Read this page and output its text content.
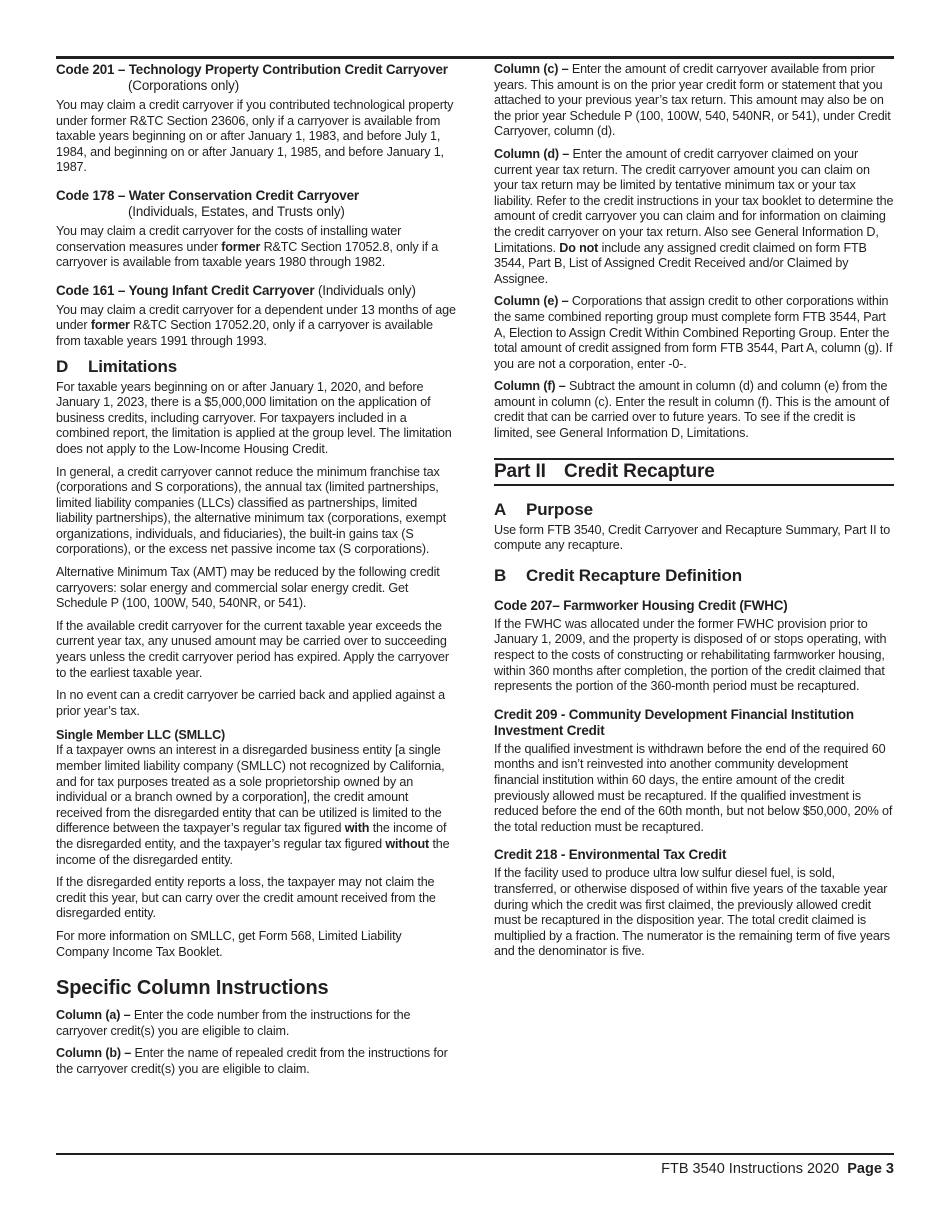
Code 201 – Technology Property Contribution Credit Carryover
(Corporations only)

You may claim a credit carryover if you contributed technological property under former R&TC Section 23606, only if a carryover is available from taxable years beginning on or after January 1, 1983, and before July 1, 1984, and beginning on or after January 1, 1985, and before January 1, 1987.

Code 178 – Water Conservation Credit Carryover
(Individuals, Estates, and Trusts only)

You may claim a credit carryover for the costs of installing water conservation measures under former R&TC Section 17052.8, only if a carryover is available from taxable years 1980 through 1982.

Code 161 – Young Infant Credit Carryover (Individuals only)

You may claim a credit carryover for a dependent under 13 months of age under former R&TC Section 17052.20, only if a carryover is available from taxable years 1991 through 1993.

D Limitations

For taxable years beginning on or after January 1, 2020, and before January 1, 2023, there is a $5,000,000 limitation on the application of business credits, including carryover. For taxpayers included in a combined report, the limitation is applied at the group level. The limitation does not apply to the Low-Income Housing Credit.

In general, a credit carryover cannot reduce the minimum franchise tax (corporations and S corporations), the annual tax (limited partnerships, limited liability companies (LLCs) classified as partnerships, limited liability partnerships), the alternative minimum tax (corporations, exempt organizations, individuals, and fiduciaries), the built-in gains tax (S corporations), or the excess net passive income tax (S corporations).

Alternative Minimum Tax (AMT) may be reduced by the following credit carryovers: solar energy and commercial solar energy credit. Get Schedule P (100, 100W, 540, 540NR, or 541).

If the available credit carryover for the current taxable year exceeds the current year tax, any unused amount may be carried over to succeeding years unless the credit carryover period has expired. Apply the carryover to the earliest taxable year.

In no event can a credit carryover be carried back and applied against a prior year’s tax.

Single Member LLC (SMLLC)

If a taxpayer owns an interest in a disregarded business entity [a single member limited liability company (SMLLC) not recognized by California, and for tax purposes treated as a sole proprietorship owned by an individual or a branch owned by a corporation], the credit amount received from the disregarded entity that can be utilized is limited to the difference between the taxpayer’s regular tax figured with the income of the disregarded entity, and the taxpayer’s regular tax figured without the income of the disregarded entity.

If the disregarded entity reports a loss, the taxpayer may not claim the credit this year, but can carry over the credit amount received from the disregarded entity.

For more information on SMLLC, get Form 568, Limited Liability Company Income Tax Booklet.

Specific Column Instructions

Column (a) – Enter the code number from the instructions for the carryover credit(s) you are eligible to claim.

Column (b) – Enter the name of repealed credit from the instructions for the carryover credit(s) you are eligible to claim.

Column (c) – Enter the amount of credit carryover available from prior years. This amount is on the prior year credit form or statement that you attached to your previous year’s tax return. This amount may also be on the prior year Schedule P (100, 100W, 540, 540NR, or 541), under Credit Carryover, column (d).

Column (d) – Enter the amount of credit carryover claimed on your current year tax return. The credit carryover amount you can claim on your tax return may be limited by tentative minimum tax or your tax liability. Refer to the credit instructions in your tax booklet to determine the amount of credit carryover you can claim and for information on claiming the credit carryover on your tax return. Also see General Information D, Limitations. Do not include any assigned credit claimed on form FTB 3544, Part B, List of Assigned Credit Received and/or Claimed by Assignee.

Column (e) – Corporations that assign credit to other corporations within the same combined reporting group must complete form FTB 3544, Part A, Election to Assign Credit Within Combined Reporting Group. Enter the total amount of credit assigned from form FTB 3544, Part A, column (g). If you are not a corporation, enter -0-.

Column (f) – Subtract the amount in column (d) and column (e) from the amount in column (c). Enter the result in column (f). This is the amount of credit that can be carried over to future years. To see if the credit is limited, see General Information D, Limitations.

Part II Credit Recapture
A Purpose

Use form FTB 3540, Credit Carryover and Recapture Summary, Part II to compute any recapture.

B Credit Recapture Definition
Code 207– Farmworker Housing Credit (FWHC)

If the FWHC was allocated under the former FWHC provision prior to January 1, 2009, and the property is disposed of or stops operating, with respect to the costs of constructing or rehabilitating farmworker housing, within 360 months after completion, the portion of the credit claimed that represents the portion of the 360-month period must be recaptured.

Credit 209 - Community Development Financial Institution Investment Credit

If the qualified investment is withdrawn before the end of the required 60 months and isn’t reinvested into another community development financial institution within 60 days, the entire amount of the credit previously allowed must be recaptured. If the qualified investment is reduced before the end of the 60th month, but not below $50,000, 20% of the total reduction must be recaptured.

Credit 218 - Environmental Tax Credit

If the facility used to produce ultra low sulfur diesel fuel, is sold, transferred, or otherwise disposed of within five years of the taxable year during which the credit was first claimed, the previously allowed credit must be recaptured in the disposition year. The total credit claimed is multiplied by a fraction. The numerator is the remaining term of five years and the denominator is five.

FTB 3540 Instructions 2020 Page 3
